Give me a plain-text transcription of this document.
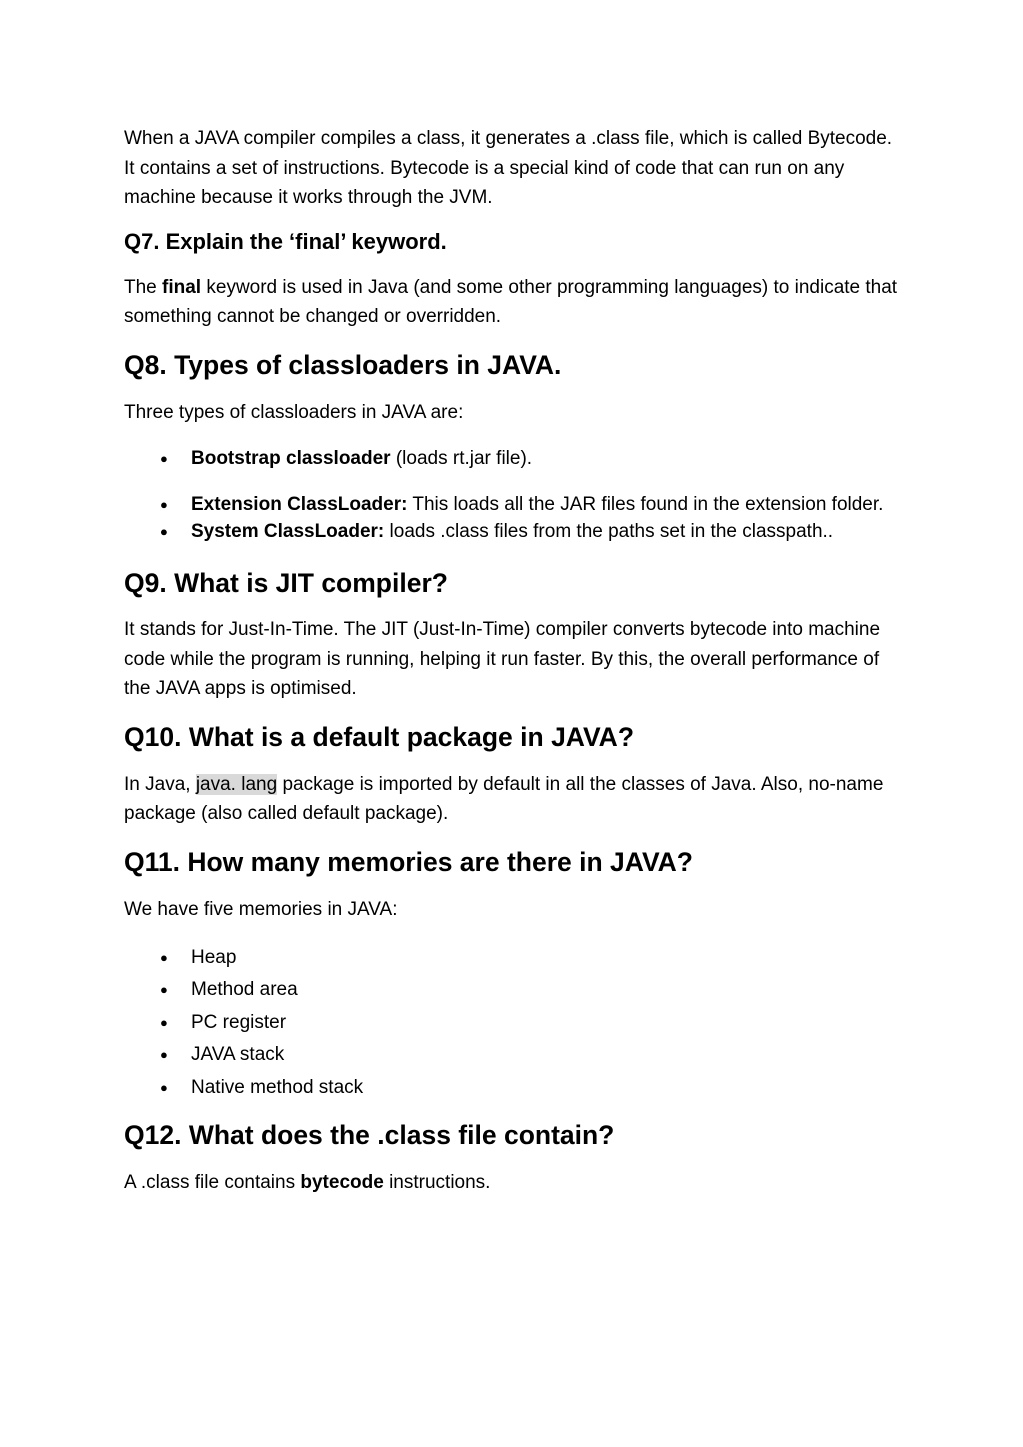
When a JAVA compiler compiles a class, it generates a .class file, which is called Bytecode. It contains a set of instructions. Bytecode is a special kind of code that can run on any machine because it works through the JVM.

Q7. Explain the ‘final’ keyword.

The final keyword is used in Java (and some other programming languages) to indicate that something cannot be changed or overridden.

Q8. Types of classloaders in JAVA.

Three types of classloaders in JAVA are:

● Bootstrap classloader (loads rt.jar file).
● Extension ClassLoader: This loads all the JAR files found in the extension folder.
● System ClassLoader: loads .class files from the paths set in the classpath..
Q9. What is JIT compiler?

It stands for Just-In-Time. The JIT (Just-In-Time) compiler converts bytecode into machine code while the program is running, helping it run faster. By this, the overall performance of the JAVA apps is optimised.

Q10. What is a default package in JAVA?

In Java, java. lang package is imported by default in all the classes of Java. Also, no-name package (also called default package).

Q11. How many memories are there in JAVA?

We have five memories in JAVA:

● Heap
● Method area
● PC register
● JAVA stack
● Native method stack
Q12. What does the .class file contain?

A .class file contains bytecode instructions.
